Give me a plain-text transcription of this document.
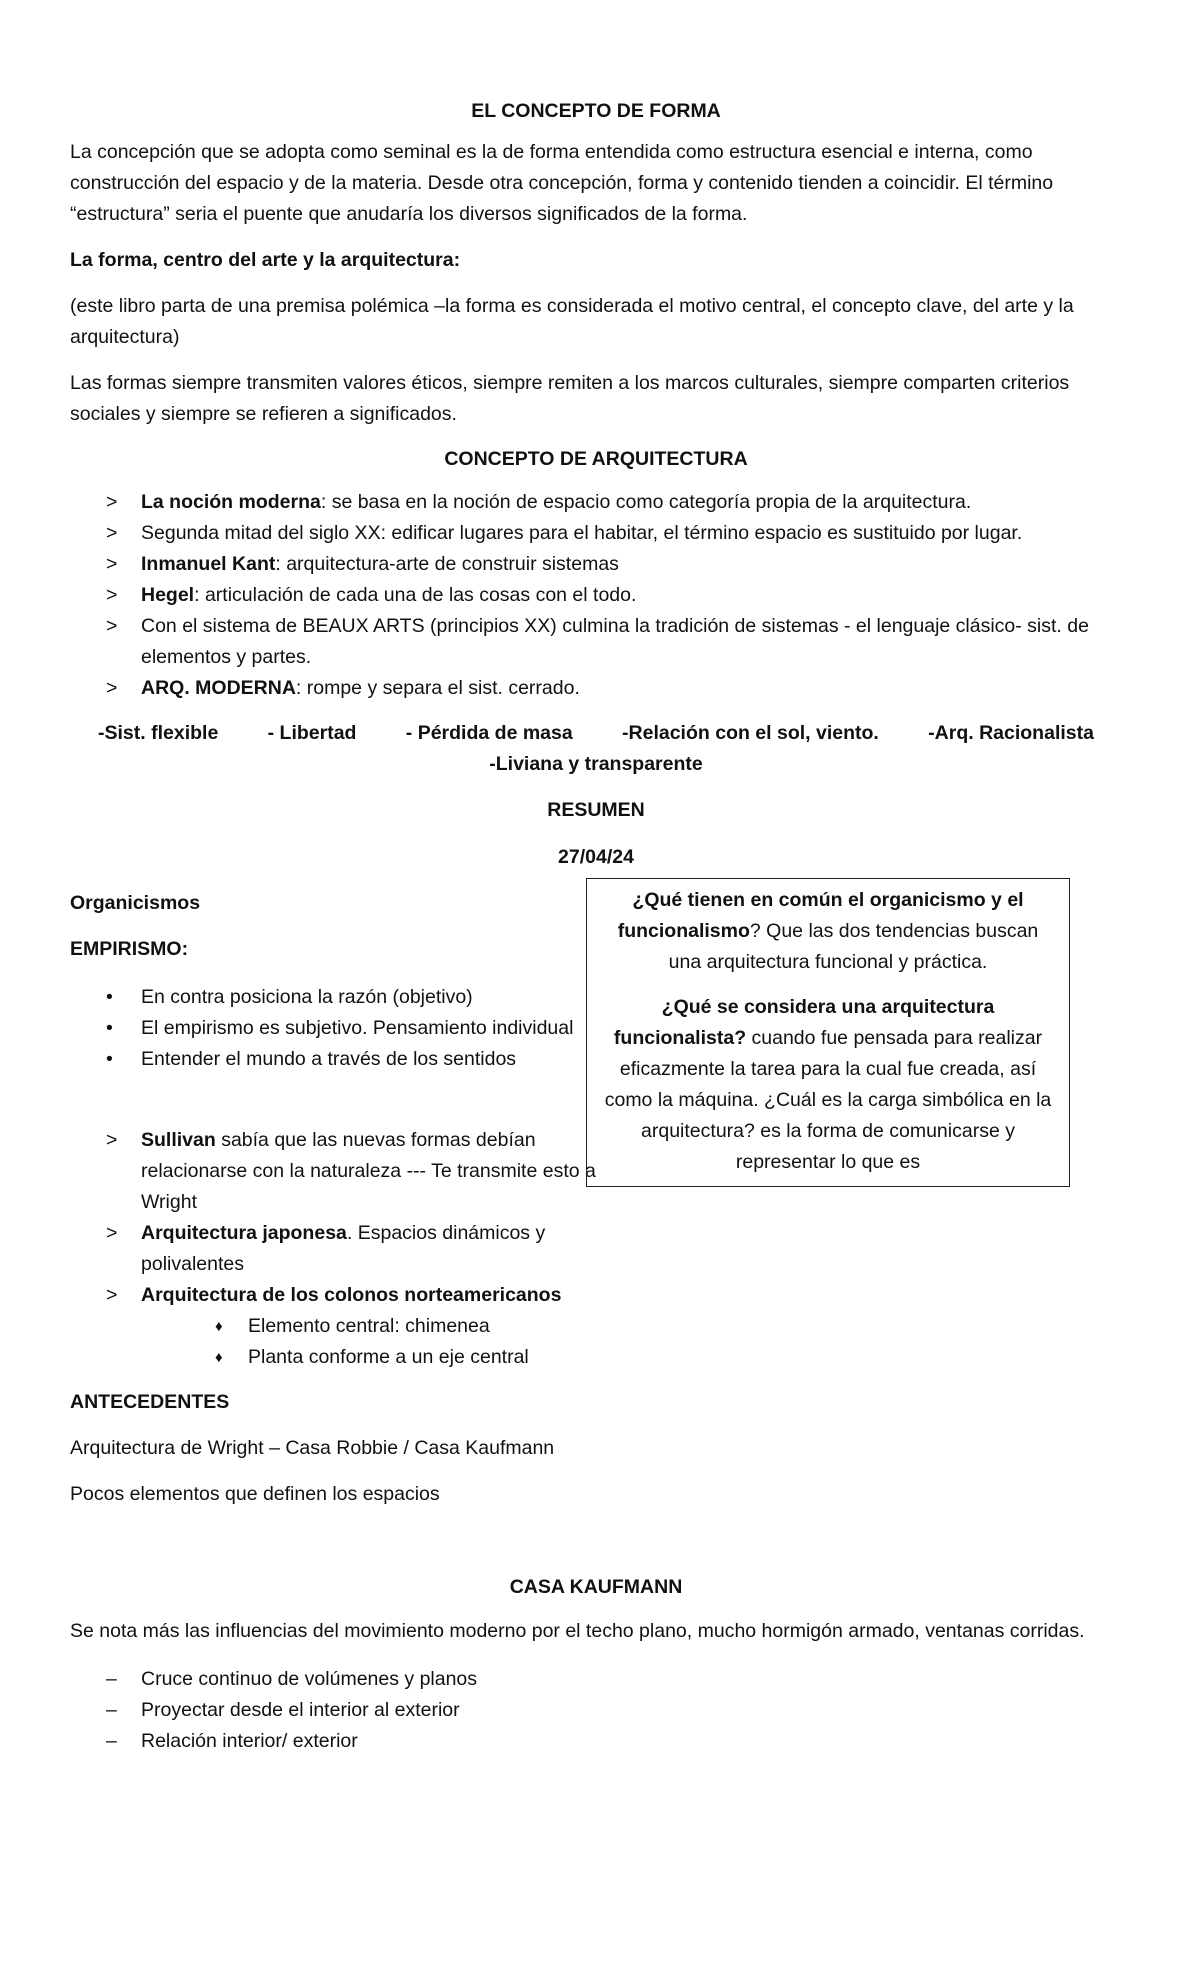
EL CONCEPTO DE FORMA

La concepción que se adopta como seminal es la de forma entendida como estructura esencial e interna, como construcción del espacio y de la materia. Desde otra concepción, forma y contenido tienden a coincidir. El término “estructura” seria el puente que anudaría los diversos significados de la forma.

La forma, centro del arte y la arquitectura:

(este libro parta de una premisa polémica –la forma es considerada el motivo central, el concepto clave, del arte y la arquitectura)

Las formas siempre transmiten valores éticos, siempre remiten a los marcos culturales, siempre comparten criterios sociales y siempre se refieren a significados.

CONCEPTO DE ARQUITECTURA

>	La noción moderna: se basa en la noción de espacio como categoría propia de la arquitectura.
>	Segunda mitad del siglo XX: edificar lugares para el habitar, el término espacio es sustituido por lugar.
>	Inmanuel Kant: arquitectura-arte de construir sistemas
>	Hegel: articulación de cada una de las cosas con el todo.
>	Con el sistema de BEAUX ARTS (principios XX) culmina la tradición de sistemas - el lenguaje clásico- sist. de elementos y partes.
>	ARQ. MODERNA: rompe y separa el sist. cerrado.
-Sist. flexible	- Libertad	- Pérdida de masa	-Relación con el sol, viento.	-Arq. Racionalista

-Liviana y transparente

RESUMEN

27/04/24

Organicismos

EMPIRISMO:

•	En contra posiciona la razón (objetivo)
•	El empirismo es subjetivo. Pensamiento individual
•	Entender el mundo a través de los sentidos
>	Sullivan sabía que las nuevas formas debían relacionarse con la naturaleza --- Te transmite esto a Wright
>	Arquitectura japonesa. Espacios dinámicos y polivalentes
>	Arquitectura de los colonos norteamericanos
♦ Elemento central: chimenea
♦ Planta conforme a un eje central

ANTECEDENTES

Arquitectura de Wright – Casa Robbie / Casa Kaufmann

Pocos elementos que definen los espacios

CASA KAUFMANN

Se nota más las influencias del movimiento moderno por el techo plano, mucho hormigón armado, ventanas corridas.

–	Cruce continuo de volúmenes y planos
–	Proyectar desde el interior al exterior
–	Relación interior/ exterior

¿Qué tienen en común el organicismo y el funcionalismo? Que las dos tendencias buscan una arquitectura funcional y práctica.

¿Qué se considera una arquitectura funcionalista? cuando fue pensada para realizar eficazmente la tarea para la cual fue creada, así como la máquina. ¿Cuál es la carga simbólica en la arquitectura? es la forma de comunicarse y representar lo que es
